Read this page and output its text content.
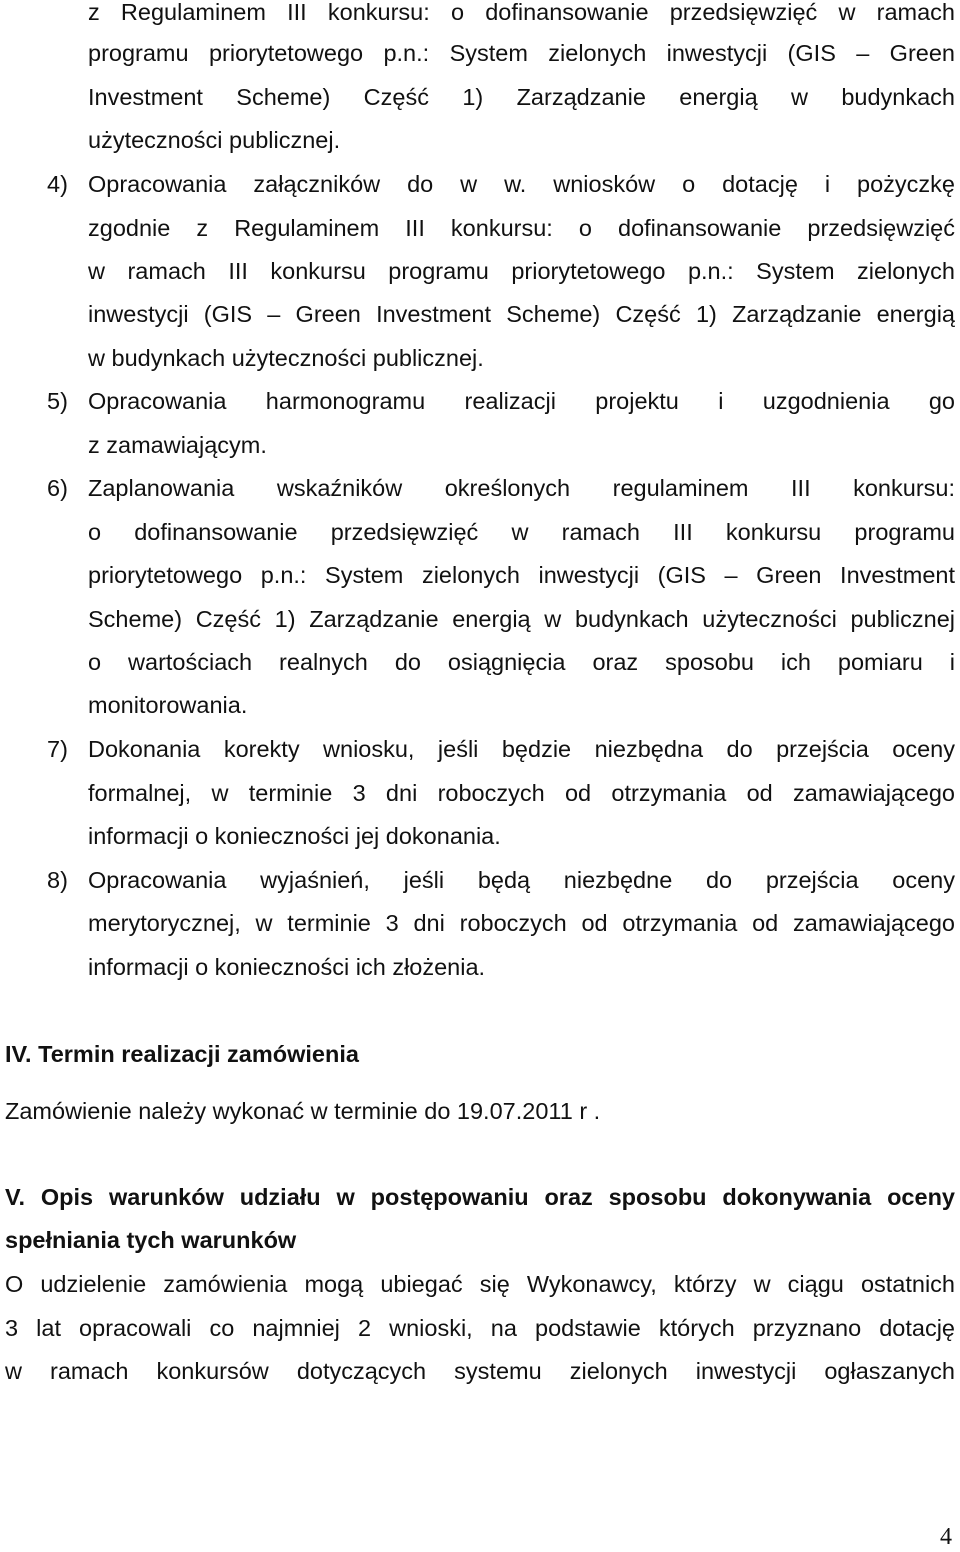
z Regulaminem III konkursu: o dofinansowanie przedsięwzięć w ramach
programu priorytetowego p.n.: System zielonych inwestycji (GIS – Green
Investment Scheme) Część 1) Zarządzanie energią w budynkach
użyteczności publicznej.
4) Opracowania załączników do w w. wniosków o dotację i pożyczkę
zgodnie z Regulaminem III konkursu: o dofinansowanie przedsięwzięć
w ramach III konkursu programu priorytetowego p.n.: System zielonych
inwestycji (GIS – Green Investment Scheme) Część 1) Zarządzanie energią
w budynkach użyteczności publicznej.
5) Opracowania harmonogramu realizacji projektu i uzgodnienia go
z zamawiającym.
6) Zaplanowania wskaźników określonych regulaminem III konkursu:
o dofinansowanie przedsięwzięć w ramach III konkursu programu
priorytetowego p.n.: System zielonych inwestycji (GIS – Green Investment
Scheme) Część 1) Zarządzanie energią w budynkach użyteczności publicznej
o wartościach realnych do osiągnięcia oraz sposobu ich pomiaru i
monitorowania.
7) Dokonania korekty wniosku, jeśli będzie niezbędna do przejścia oceny
formalnej, w terminie 3 dni roboczych od otrzymania od zamawiającego
informacji o konieczności jej dokonania.
8) Opracowania wyjaśnień, jeśli będą niezbędne do przejścia oceny
merytorycznej, w terminie 3 dni roboczych od otrzymania od zamawiającego
informacji o konieczności ich złożenia.
IV. Termin realizacji zamówienia
Zamówienie należy wykonać w terminie do 19.07.2011 r .
V. Opis warunków udziału w postępowaniu oraz sposobu dokonywania oceny
spełniania tych warunków
O udzielenie zamówienia mogą ubiegać się Wykonawcy, którzy w ciągu ostatnich
3 lat opracowali co najmniej 2 wnioski, na podstawie których przyznano dotację
w ramach konkursów dotyczących systemu zielonych inwestycji ogłaszanych
4
